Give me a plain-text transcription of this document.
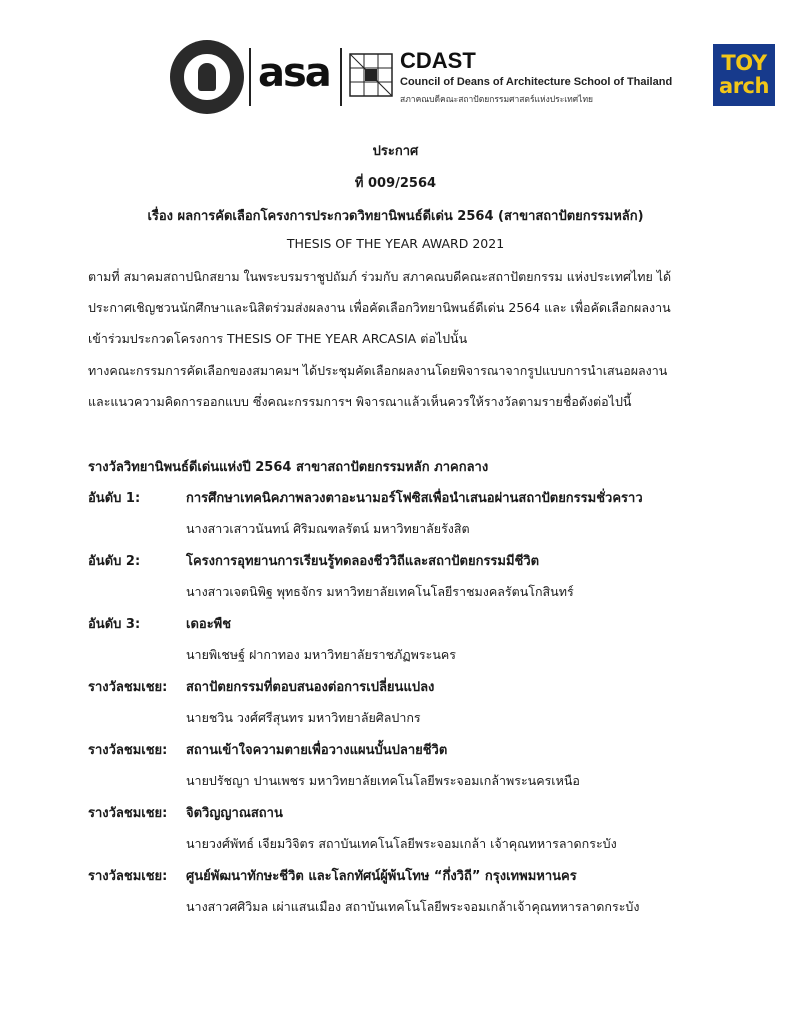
asa	CDAST
Council of Deans of Architecture School of Thailand
สภาคณบดีคณะสถาปัตยกรรมศาสตร์แห่งประเทศไทย
TOY
arch
ประกาศ
ที่ 009/2564
เรื่อง ผลการคัดเลือกโครงการประกวดวิทยานิพนธ์ดีเด่น 2564 (สาขาสถาปัตยกรรมหลัก)
THESIS OF THE YEAR AWARD 2021
ตามที่ สมาคมสถาปนิกสยาม ในพระบรมราชูปถัมภ์ ร่วมกับ สภาคณบดีคณะสถาปัตยกรรม แห่งประเทศไทย ได้
ประกาศเชิญชวนนักศึกษาและนิสิตร่วมส่งผลงาน เพื่อคัดเลือกวิทยานิพนธ์ดีเด่น 2564 และ เพื่อคัดเลือกผลงาน
เข้าร่วมประกวดโครงการ THESIS OF THE YEAR ARCASIA ต่อไปนั้น
ทางคณะกรรมการคัดเลือกของสมาคมฯ ได้ประชุมคัดเลือกผลงานโดยพิจารณาจากรูปแบบการนำเสนอผลงาน
และแนวความคิดการออกแบบ ซึ่งคณะกรรมการฯ พิจารณาแล้วเห็นควรให้รางวัลตามรายชื่อดังต่อไปนี้
รางวัลวิทยานิพนธ์ดีเด่นแห่งปี 2564 สาขาสถาปัตยกรรมหลัก ภาคกลาง
อันดับ 1:	การศึกษาเทคนิคภาพลวงตาอะนามอร์โฟซิสเพื่อนำเสนอผ่านสถาปัตยกรรมชั่วคราว
นางสาวเสาวนันทน์ ศิริมณฑลรัตน์ มหาวิทยาลัยรังสิต
อันดับ 2:	โครงการอุทยานการเรียนรู้ทดลองชีววิถีและสถาปัตยกรรมมีชีวิต
นางสาวเจตนิพิฐ พุทธจักร มหาวิทยาลัยเทคโนโลยีราชมงคลรัตนโกสินทร์
อันดับ 3:	เดอะพืช
นายพิเชษฐ์ ฝากาทอง มหาวิทยาลัยราชภัฏพระนคร
รางวัลชมเชย: สถาปัตยกรรมที่ตอบสนองต่อการเปลี่ยนแปลง
นายชวิน วงศ์ศรีสุนทร มหาวิทยาลัยศิลปากร
รางวัลชมเชย: สถานเข้าใจความตายเพื่อวางแผนบั้นปลายชีวิต
นายปรัชญา ปานเพชร มหาวิทยาลัยเทคโนโลยีพระจอมเกล้าพระนครเหนือ
รางวัลชมเชย: จิตวิญญาณสถาน
นายวงศ์พัทธ์ เจียมวิจิตร สถาบันเทคโนโลยีพระจอมเกล้า เจ้าคุณทหารลาดกระบัง
รางวัลชมเชย: ศูนย์พัฒนาทักษะชีวิต และโลกทัศน์ผู้พ้นโทษ “กึ่งวิถี” กรุงเทพมหานคร
นางสาวศศิวิมล เผ่าแสนเมือง สถาบันเทคโนโลยีพระจอมเกล้าเจ้าคุณทหารลาดกระบัง
